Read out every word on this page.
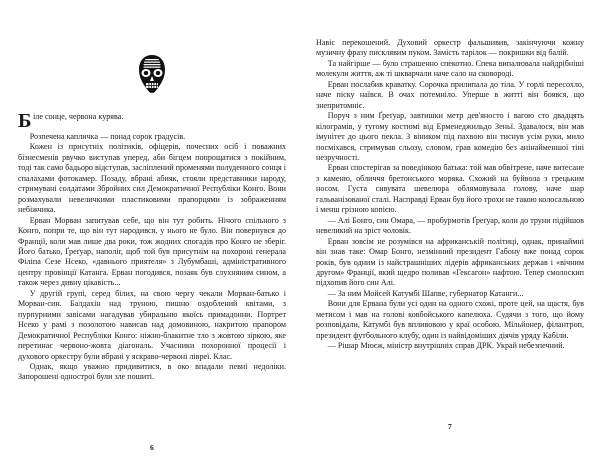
Біле сонце, червона курява.

Розпечена капличка — понад сорок градусів.

Кожен із присутніх політиків, офіцерів, почесних осіб і поважних бізнесменів рвучко виступав уперед, аби бігцем попрощатися з покійним, тоді так само бадьоро відступав, засліплений променями полуденного сонця і спалахами фотокамер. Позаду, вбрані абияк, стояли представники народу, стримувані солдатами Збройних сил Демократичної Республіки Конго. Вони розмахували невеличкими пластиковими прапорцями із зображенням небіжчика.

Ерван Морван запитував себе, що він тут робить. Нічого спільного з Конго, попри те, що він тут народився, у нього не було. Він повернувся до Франції, коли мав лише два роки, тож жодних спогадів про Конго не зберіг. Його батько, Ґреґуар, наполіг, щоб той був присутнім на похороні генерала Філіпа Сезе Нсеко, «давнього приятеля» з Лубумбаші, адміністративного центру провінції Катанга. Ерван погодився, позаяк був слухняним сином, а також через дивну цікавість...

У другій групі, серед білих, на свою чергу чекали Морван-батько і Морван-син. Балдахін над труною, пишно оздоблений квітами, з пурпурними завісами нагадував убиральню якоїсь примадонни. Портрет Нсеко у рамі з позолотою нависав над домовиною, накритою прапором Демократичної Республіки Конго: ніжно-блакитне тло з жовтою зіркою, яке перетинає червоно-жовта діагональ. Учасники похоронної процесії і духового оркестру були вбрані у яскраво-червоні лівреї. Клас.

Однак, якщо уважно придивитися, в око впадали певні недоліки. Запорошені однострої були зле пошиті.

6

Навіс перекошений. Духовий оркестр фальшивив, закінчуючи кожну музичну фразу писклявим пуком. Замість тарілок — покришки від балій.

Та найгірше — було страшенно спекотно. Спека випалювала найдрібніші молекули життя, аж ті шкварчали наче сало на сковороді.

Ерван послабив краватку. Сорочка прилипала до тіла. У горлі пересохло, наче піску наївся. В очах потемніло. Уперше в житті він боявся, що знепритомніє.

Поруч з ним Ґреґуар, завтишки метр дев'яносто і вагою сто двадцять кілограмів, у тугому костюмі від Ерменеджильдо Зеньї. Здавалося, він мав імунітет до цього пекла. З віником під пахвою він тиснув усім руки, мило посміхався, стримував сльозу, словом, грав комедію без анінайменшої тіні незручності.

Ерван спостерігав за поведінкою батька: той мав обвітрене, наче витесане з каменю, обличчя бретонського моряка. Схожий на буйвола з грецьким носом. Густа сивувата шевелюра облямовувала голову, наче шар гальванізованої сталі. Насправді Ерван був його трохи не такою колосальною і менш грізною копією.

— Алі Бонго, син Омара, — пробурмотів Ґреґуар, коли до труни підійшов невеликий на зріст чоловік.

Ерван зовсім не розумівся на африканській політиці, однак, принаймні він знав таке: Омар Бонго, незмінний президент Габону вже понад сорок років, був одним із найстрашніших лідерів африканських держав і «вічним другом» Франції, який щедро поливав «Гексагон» нафтою. Тепер смолоскип підхопив його син Алі.

— За ним Мойсей Катумбі Шапве, губернатор Катанги...

Вони для Ервана були усі один на одного схожі, проте цей, на щастя, був метисом і мав на голові ковбойського капелюха. Судячи з того, що йому розповідали, Катумбі був впливовою у краї особою. Мільйонер, філантроп, президент футбольного клубу, один із найвідоміших діячів уряду Кабіли.

— Рішар Мюєж, міністр внутрішніх справ ДРК. Украй небезпечний.

7
